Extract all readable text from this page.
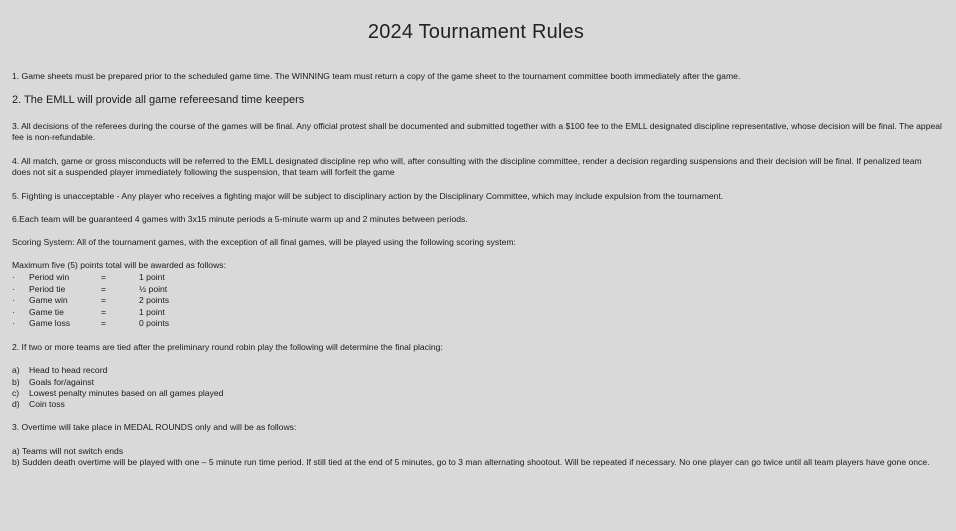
2024 Tournament Rules
1. Game sheets must be prepared prior to the scheduled game time. The WINNING team must return a copy of the game sheet to the tournament committee booth immediately after the game.
2. The EMLL will provide all game refereesand time keepers
3. All decisions of the referees during the course of the games will be final. Any official protest shall be documented and submitted together with a $100 fee to the EMLL designated discipline representative, whose decision will be final. The appeal fee is non-refundable.
4. All match, game or gross misconducts will be referred to the EMLL designated discipline rep who will, after consulting with the discipline committee, render a decision regarding suspensions and their decision will be final. If penalized team does not sit a suspended player immediately following the suspension, that team will forfeit the game
5. Fighting is unacceptable - Any player who receives a fighting major will be subject to disciplinary action by the Disciplinary Committee, which may include expulsion from the tournament.
6.Each team will be guaranteed 4 games with 3x15 minute periods a 5-minute warm up and 2 minutes between periods.
Scoring System: All of the tournament games, with the exception of all final games, will be played using the following scoring system:
Maximum five (5) points total will be awarded as follows:
· Period win	=	1 point
· Period tie	=	½ point
· Game win	=	2 points
· Game tie	=	1 point
· Game loss	=	0 points
2. If two or more teams are tied after the preliminary round robin play the following will determine the final placing:
a) Head to head record
b) Goals for/against
c) Lowest penalty minutes based on all games played
d) Coin toss
3. Overtime will take place in MEDAL ROUNDS only and will be as follows:
a) Teams will not switch ends
b) Sudden death overtime will be played with one – 5 minute run time period. If still tied at the end of 5 minutes, go to 3 man alternating shootout. Will be repeated if necessary. No one player can go twice until all team players have gone once.
